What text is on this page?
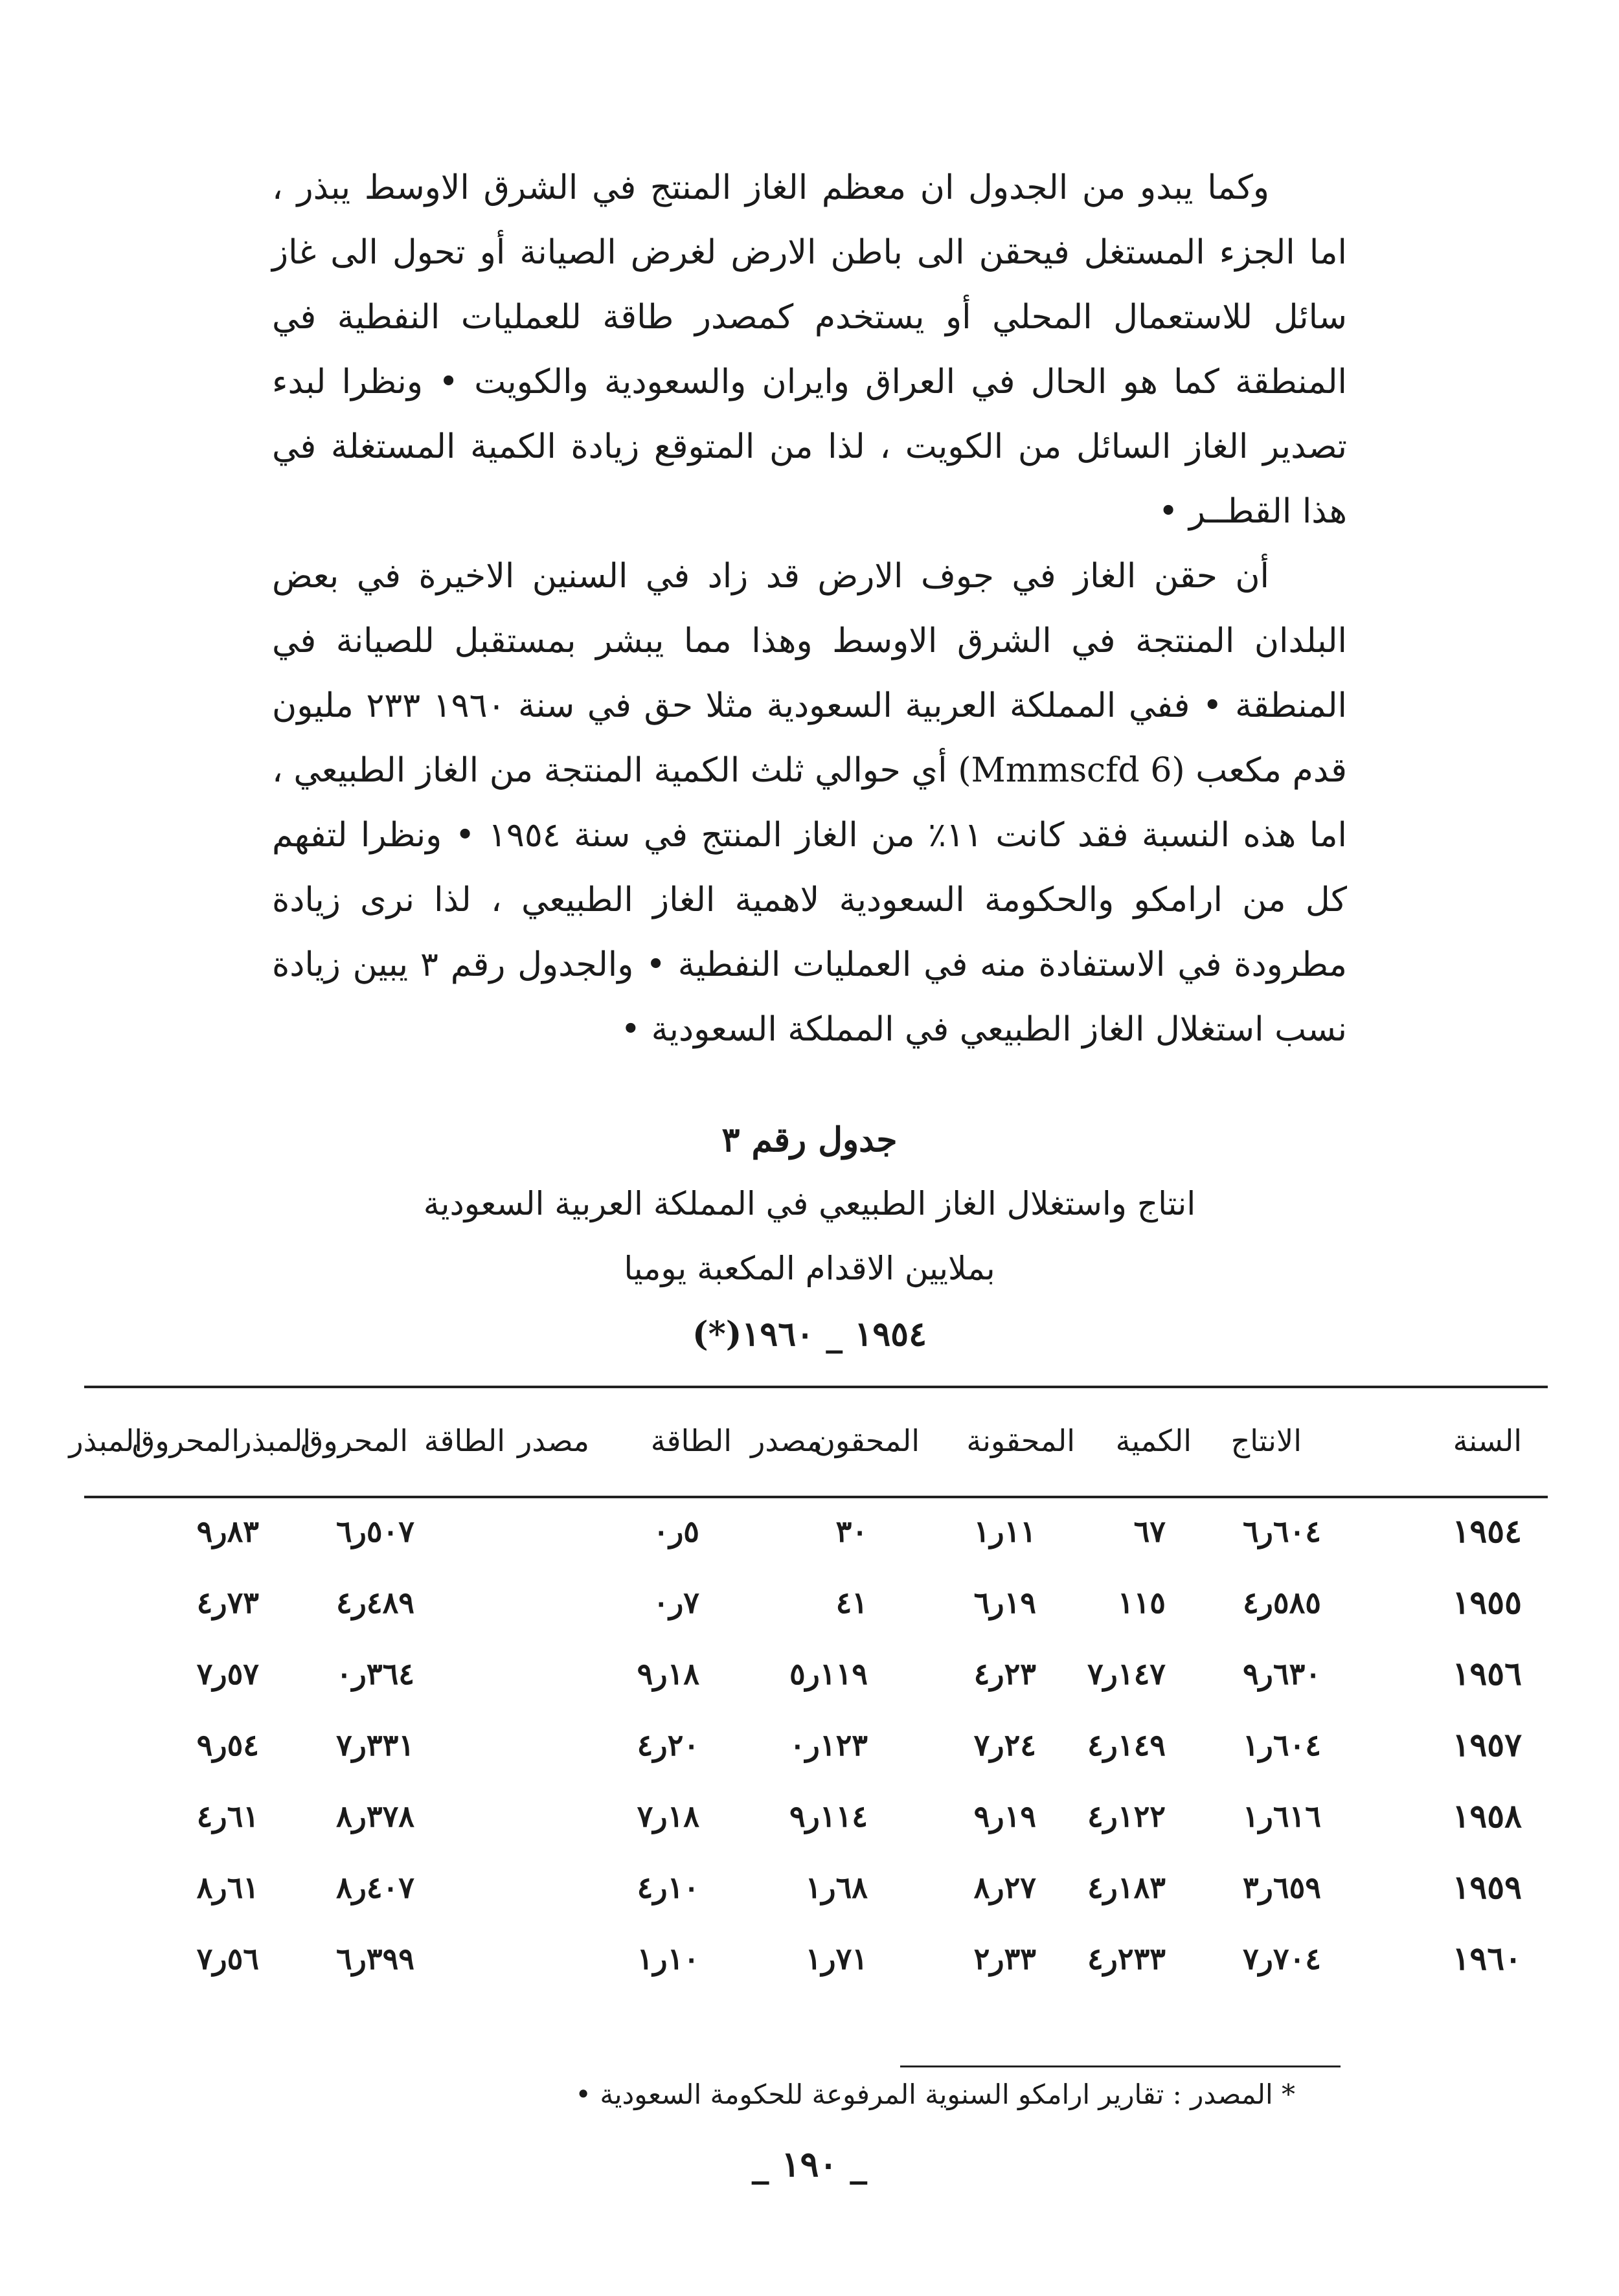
وكما يبدو من الجدول ان معظم الغاز المنتج في الشرق الاوسط يبذر ، اما الجزء المستغل فيحقن الى باطن الارض لغرض الصيانة أو تحول الى غاز سائل للاستعمال المحلي أو يستخدم كمصدر طاقة للعمليات النفطية في المنطقة كما هو الحال في العراق وايران والسعودية والكويت • ونظرا لبدء تصدير الغاز السائل من الكويت ، لذا من المتوقع زيادة الكمية المستغلة في هذا القطــر •

أن حقن الغاز في جوف الارض قد زاد في السنين الاخيرة في بعض البلدان المنتجة في الشرق الاوسط وهذا مما يبشر بمستقبل للصيانة في المنطقة • ففي المملكة العربية السعودية مثلا حق في سنة ١٩٦٠ ٢٣٣ مليون قدم مكعب (6 Mmmscfd) أي حوالي ثلث الكمية المنتجة من الغاز الطبيعي ، اما هذه النسبة فقد كانت ١١٪ من الغاز المنتج في سنة ١٩٥٤ • ونظرا لتفهم كل من ارامكو والحكومة السعودية لاهمية الغاز الطبيعي ، لذا نرى زيادة مطرودة في الاستفادة منه في العمليات النفطية • والجدول رقم ٣ يبين زيادة نسب استغلال الغاز الطبيعي في المملكة السعودية •

جدول رقم ٣
انتاج واستغلال الغاز الطبيعي في المملكة العربية السعودية
بملايين الاقدام المكعبة يوميا
١٩٥٤ _ ١٩٦٠(*)
السنة
الانتاج
الكمية
المحقونة
المحقون
مصدر
الطاقة
مصدر
الطاقة
المحروق
المبذر
المحروق
المبذر
١٩٥٤
٦٠٤ر٦
٦٧
١١ر١
٣٠
٥ر٠
٥٠٧ر٦
٨٣ر٩
١٩٥٥
٥٨٥ر٤
١١٥
١٩ر٦
٤١
٧ر٠
٤٨٩ر٤
٧٣ر٤
١٩٥٦
٦٣٠ر٩
١٤٧ر٧
٢٣ر٤
١١٩ر٥
١٨ر٩
٣٦٤ر٠
٥٧ر٧
١٩٥٧
٦٠٤ر١
١٤٩ر٤
٢٤ر٧
١٢٣ر٠
٢٠ر٤
٣٣١ر٧
٥٤ر٩
١٩٥٨
٦١٦ر١
١٢٢ر٤
١٩ر٩
١١٤ر٩
١٨ر٧
٣٧٨ر٨
٦١ر٤
١٩٥٩
٦٥٩ر٣
١٨٣ر٤
٢٧ر٨
٦٨ر١
١٠ر٤
٤٠٧ر٨
٦١ر٨
١٩٦٠
٧٠٤ر٧
٢٣٣ر٤
٣٣ر٢
٧١ر١
١٠ر١
٣٩٩ر٦
٥٦ر٧
* المصدر : تقارير ارامكو السنوية المرفوعة للحكومة السعودية •
_ ١٩٠ _
